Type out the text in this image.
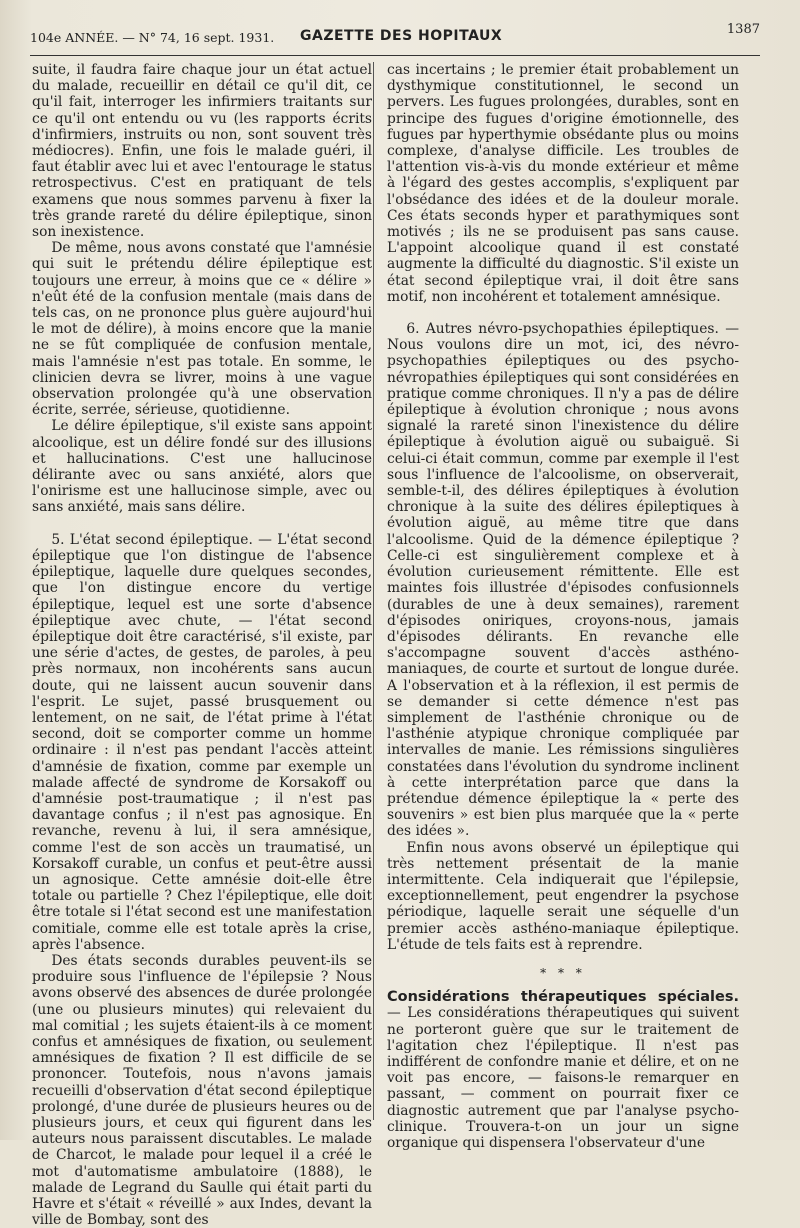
104e ANNÉE. — N° 74, 16 sept. 1931. GAZETTE DES HOPITAUX	1387

suite, il faudra faire chaque jour un état actuel du malade, recueillir en détail ce qu'il dit, ce qu'il fait, interroger les infirmiers traitants sur ce qu'il ont entendu ou vu (les rapports écrits d'infirmiers, instruits ou non, sont souvent très médiocres). Enfin, une fois le malade guéri, il faut établir avec lui et avec l'entourage le status retrospectivus. C'est en pratiquant de tels examens que nous sommes parvenu à fixer la très grande rareté du délire épileptique, sinon son inexistence.

De même, nous avons constaté que l'amnésie qui suit le prétendu délire épileptique est toujours une erreur, à moins que ce « délire » n'eût été de la confusion mentale (mais dans de tels cas, on ne prononce plus guère aujourd'hui le mot de délire), à moins encore que la manie ne se fût compliquée de confusion mentale, mais l'amnésie n'est pas totale. En somme, le clinicien devra se livrer, moins à une vague observation prolongée qu'à une observation écrite, serrée, sérieuse, quotidienne.

Le délire épileptique, s'il existe sans appoint alcoolique, est un délire fondé sur des illusions et hallucinations. C'est une hallucinose délirante avec ou sans anxiété, alors que l'onirisme est une hallucinose simple, avec ou sans anxiété, mais sans délire.

5. L'état second épileptique. — L'état second épileptique que l'on distingue de l'absence épileptique, laquelle dure quelques secondes, que l'on distingue encore du vertige épileptique, lequel est une sorte d'absence épileptique avec chute, — l'état second épileptique doit être caractérisé, s'il existe, par une série d'actes, de gestes, de paroles, à peu près normaux, non incohérents sans aucun doute, qui ne laissent aucun souvenir dans l'esprit. Le sujet, passé brusquement ou lentement, on ne sait, de l'état prime à l'état second, doit se comporter comme un homme ordinaire : il n'est pas pendant l'accès atteint d'amnésie de fixation, comme par exemple un malade affecté de syndrome de Korsakoff ou d'amnésie post-traumatique ; il n'est pas davantage confus ; il n'est pas agnosique. En revanche, revenu à lui, il sera amnésique, comme l'est de son accès un traumatisé, un Korsakoff curable, un confus et peut-être aussi un agnosique. Cette amnésie doit-elle être totale ou partielle ? Chez l'épileptique, elle doit être totale si l'état second est une manifestation comitiale, comme elle est totale après la crise, après l'absence.

Des états seconds durables peuvent-ils se produire sous l'influence de l'épilepsie ? Nous avons observé des absences de durée prolongée (une ou plusieurs minutes) qui relevaient du mal comitial ; les sujets étaient-ils à ce moment confus et amnésiques de fixation, ou seulement amnésiques de fixation ? Il est difficile de se prononcer. Toutefois, nous n'avons jamais recueilli d'observation d'état second épileptique prolongé, d'une durée de plusieurs heures ou de plusieurs jours, et ceux qui figurent dans les auteurs nous paraissent discutables. Le malade de Charcot, le malade pour lequel il a créé le mot d'automatisme ambulatoire (1888), le malade de Legrand du Saulle qui était parti du Havre et s'était « réveillé » aux Indes, devant la ville de Bombay, sont des

cas incertains ; le premier était probablement un dysthymique constitutionnel, le second un pervers. Les fugues prolongées, durables, sont en principe des fugues d'origine émotionnelle, des fugues par hyperthymie obsédante plus ou moins complexe, d'analyse difficile. Les troubles de l'attention vis-à-vis du monde extérieur et même à l'égard des gestes accomplis, s'expliquent par l'obsédance des idées et de la douleur morale. Ces états seconds hyper et parathymiques sont motivés ; ils ne se produisent pas sans cause. L'appoint alcoolique quand il est constaté augmente la difficulté du diagnostic. S'il existe un état second épileptique vrai, il doit être sans motif, non incohérent et totalement amnésique.

6. Autres névro-psychopathies épileptiques. — Nous voulons dire un mot, ici, des névro-psychopathies épileptiques ou des psycho-névropathies épileptiques qui sont considérées en pratique comme chroniques. Il n'y a pas de délire épileptique à évolution chronique ; nous avons signalé la rareté sinon l'inexistence du délire épileptique à évolution aiguë ou subaiguë. Si celui-ci était commun, comme par exemple il l'est sous l'influence de l'alcoolisme, on observerait, semble-t-il, des délires épileptiques à évolution chronique à la suite des délires épileptiques à évolution aiguë, au même titre que dans l'alcoolisme. Quid de la démence épileptique ? Celle-ci est singulièrement complexe et à évolution curieusement rémittente. Elle est maintes fois illustrée d'épisodes confusionnels (durables de une à deux semaines), rarement d'épisodes oniriques, croyons-nous, jamais d'épisodes délirants. En revanche elle s'accompagne souvent d'accès asthéno-maniaques, de courte et surtout de longue durée. A l'observation et à la réflexion, il est permis de se demander si cette démence n'est pas simplement de l'asthénie chronique ou de l'asthénie atypique chronique compliquée par intervalles de manie. Les rémissions singulières constatées dans l'évolution du syndrome inclinent à cette interprétation parce que dans la prétendue démence épileptique la « perte des souvenirs » est bien plus marquée que la « perte des idées ».

Enfin nous avons observé un épileptique qui très nettement présentait de la manie intermittente. Cela indiquerait que l'épilepsie, exceptionnellement, peut engendrer la psychose périodique, laquelle serait une séquelle d'un premier accès asthéno-maniaque épileptique. L'étude de tels faits est à reprendre.

* * *

Considérations thérapeutiques spéciales. — Les considérations thérapeutiques qui suivent ne porteront guère que sur le traitement de l'agitation chez l'épileptique. Il n'est pas indifférent de confondre manie et délire, et on ne voit pas encore, — faisons-le remarquer en passant, — comment on pourrait fixer ce diagnostic autrement que par l'analyse psycho-clinique. Trouvera-t-on un jour un signe organique qui dispensera l'observateur d'une
